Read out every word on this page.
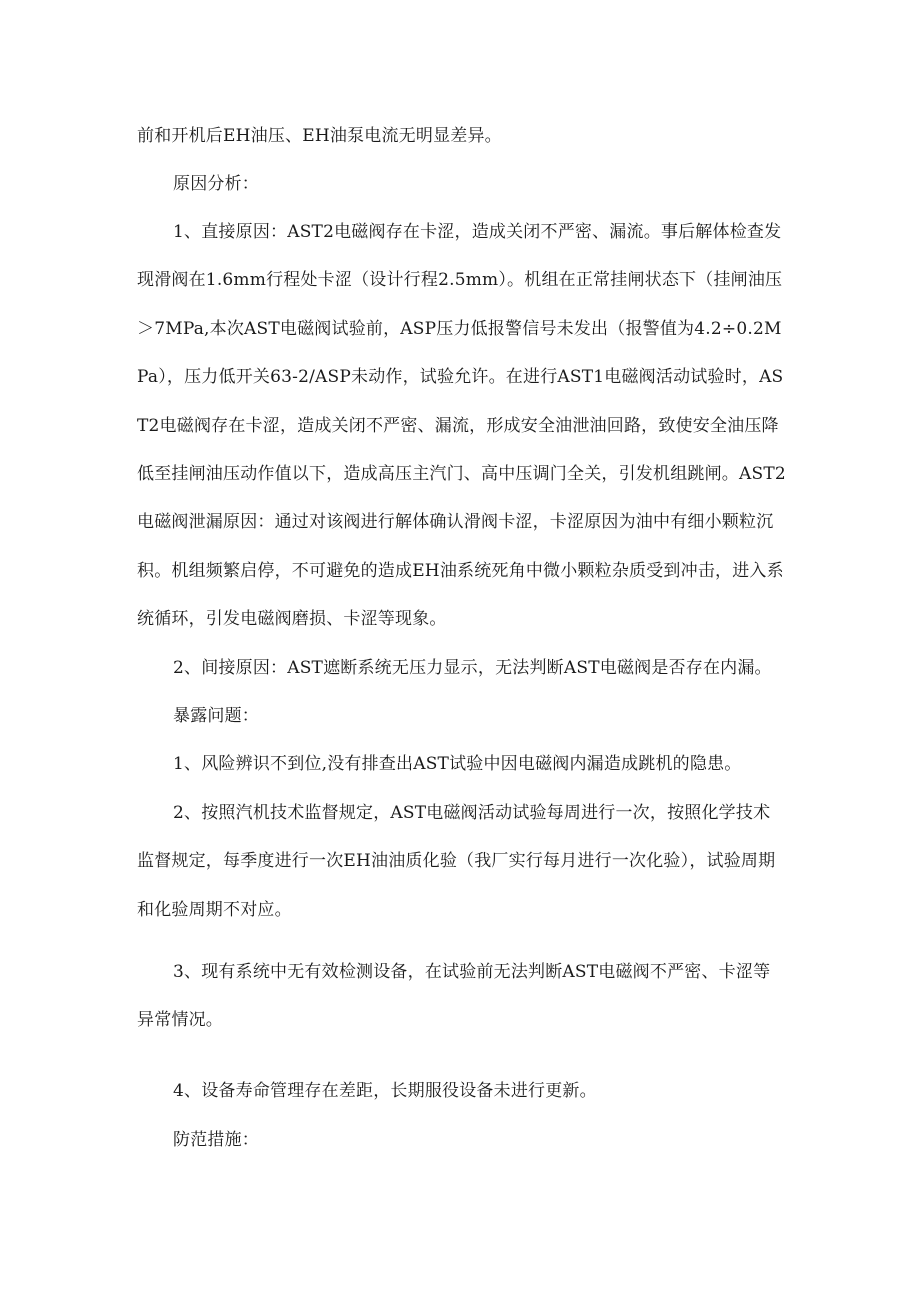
前和开机后EH油压、EH油泵电流无明显差异。

原因分析：

1、直接原因：AST2电磁阀存在卡涩，造成关闭不严密、漏流。事后解体检查发现滑阀在1.6mm行程处卡涩（设计行程2.5mm）。机组在正常挂闸状态下（挂闸油压＞7MPa,本次AST电磁阀试验前，ASP压力低报警信号未发出（报警值为4.2÷0.2MPa），压力低开关63-2/ASP未动作，试验允许。在进行AST1电磁阀活动试验时，AST2电磁阀存在卡涩，造成关闭不严密、漏流，形成安全油泄油回路，致使安全油压降低至挂闸油压动作值以下，造成高压主汽门、高中压调门全关，引发机组跳闸。AST2电磁阀泄漏原因：通过对该阀进行解体确认滑阀卡涩，卡涩原因为油中有细小颗粒沉积。机组频繁启停，不可避免的造成EH油系统死角中微小颗粒杂质受到冲击，进入系统循环，引发电磁阀磨损、卡涩等现象。

2、间接原因：AST遮断系统无压力显示，无法判断AST电磁阀是否存在内漏。

暴露问题：

1、风险辨识不到位,没有排查出AST试验中因电磁阀内漏造成跳机的隐患。

2、按照汽机技术监督规定，AST电磁阀活动试验每周进行一次，按照化学技术监督规定，每季度进行一次EH油油质化验（我厂实行每月进行一次化验），试验周期和化验周期不对应。

3、现有系统中无有效检测设备，在试验前无法判断AST电磁阀不严密、卡涩等异常情况。

4、设备寿命管理存在差距，长期服役设备未进行更新。

防范措施：
